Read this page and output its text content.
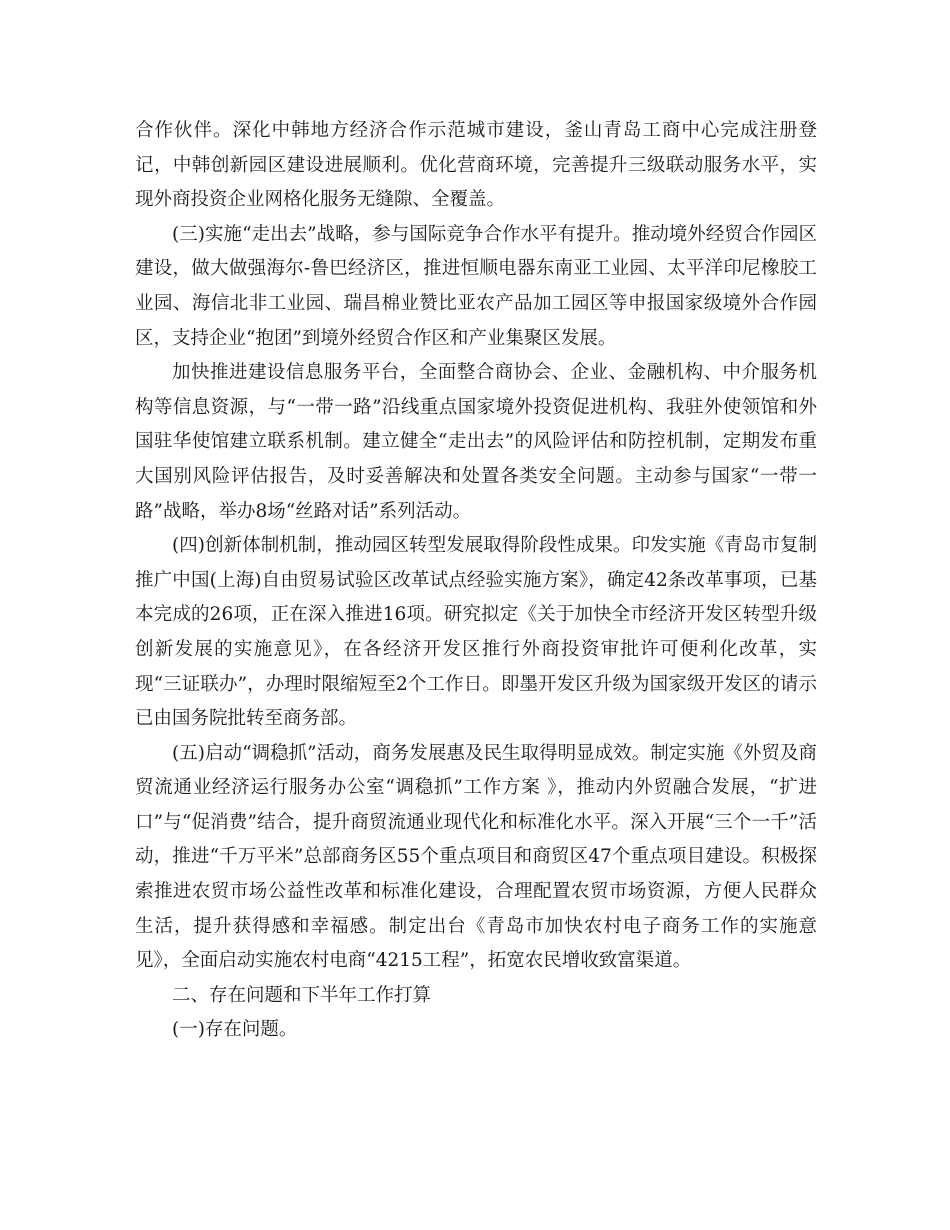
合作伙伴。深化中韩地方经济合作示范城市建设，釜山青岛工商中心完成注册登记，中韩创新园区建设进展顺利。优化营商环境，完善提升三级联动服务水平，实现外商投资企业网格化服务无缝隙、全覆盖。

(三)实施“走出去”战略，参与国际竞争合作水平有提升。推动境外经贸合作园区建设，做大做强海尔-鲁巴经济区，推进恒顺电器东南亚工业园、太平洋印尼橡胶工业园、海信北非工业园、瑞昌棉业赞比亚农产品加工园区等申报国家级境外合作园区，支持企业“抱团”到境外经贸合作区和产业集聚区发展。

加快推进建设信息服务平台，全面整合商协会、企业、金融机构、中介服务机构等信息资源，与“一带一路”沿线重点国家境外投资促进机构、我驻外使领馆和外国驻华使馆建立联系机制。建立健全“走出去”的风险评估和防控机制，定期发布重大国别风险评估报告，及时妥善解决和处置各类安全问题。主动参与国家“一带一路”战略，举办8场“丝路对话”系列活动。

(四)创新体制机制，推动园区转型发展取得阶段性成果。印发实施《青岛市复制推广中国(上海)自由贸易试验区改革试点经验实施方案》，确定42条改革事项，已基本完成的26项，正在深入推进16项。研究拟定《关于加快全市经济开发区转型升级创新发展的实施意见》，在各经济开发区推行外商投资审批许可便利化改革，实现“三证联办”，办理时限缩短至2个工作日。即墨开发区升级为国家级开发区的请示已由国务院批转至商务部。

(五)启动“调稳抓”活动，商务发展惠及民生取得明显成效。制定实施《外贸及商贸流通业经济运行服务办公室“调稳抓”工作方案 》，推动内外贸融合发展，“扩进口”与“促消费”结合，提升商贸流通业现代化和标准化水平。深入开展“三个一千”活动，推进“千万平米”总部商务区55个重点项目和商贸区47个重点项目建设。积极探索推进农贸市场公益性改革和标准化建设，合理配置农贸市场资源，方便人民群众生活，提升获得感和幸福感。制定出台《青岛市加快农村电子商务工作的实施意见》，全面启动实施农村电商“4215工程”，拓宽农民增收致富渠道。

二、存在问题和下半年工作打算

(一)存在问题。
